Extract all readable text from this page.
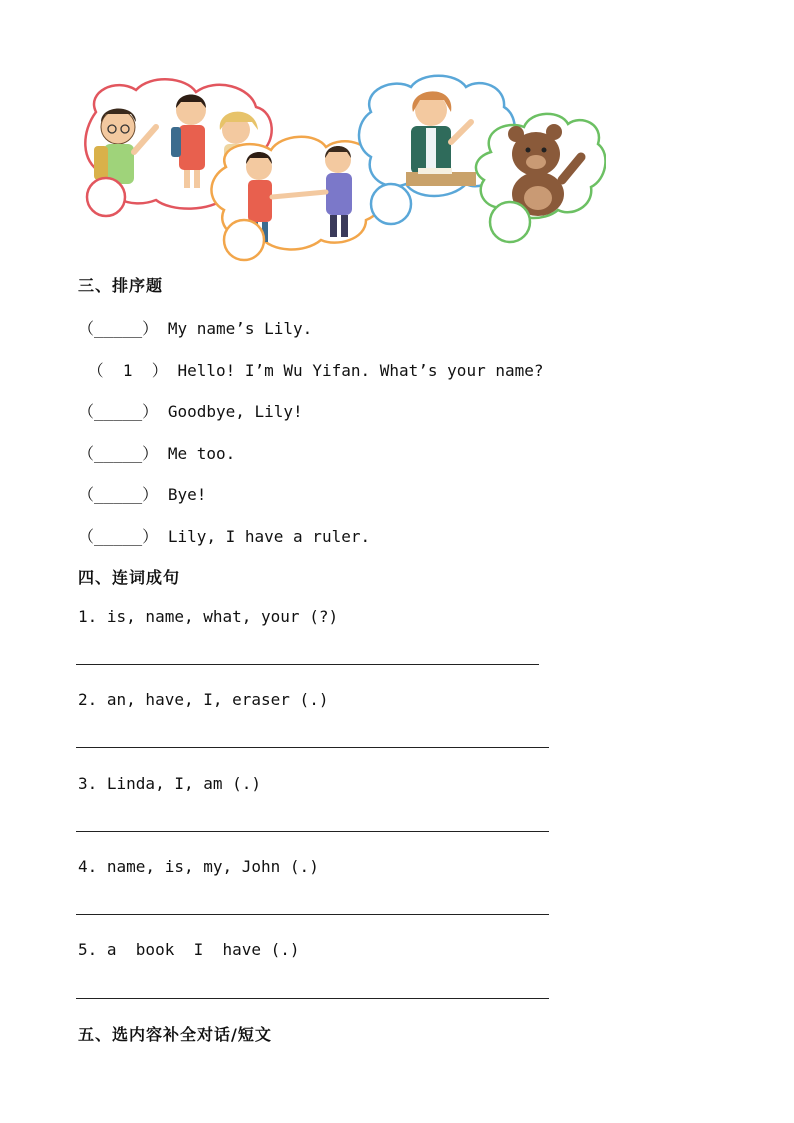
三、排序题
（_____） My name’s Lily.
（  1  ） Hello! I’m Wu Yifan. What’s your name?
（_____） Goodbye, Lily!
（_____） Me too.
（_____） Bye!
（_____） Lily, I have a ruler.
四、连词成句
1. is, name, what, your (?)
2. an, have, I, eraser (.)
3. Linda, I, am (.)
4. name, is, my, John (.)
5. a  book  I  have (.)
五、选内容补全对话/短文
